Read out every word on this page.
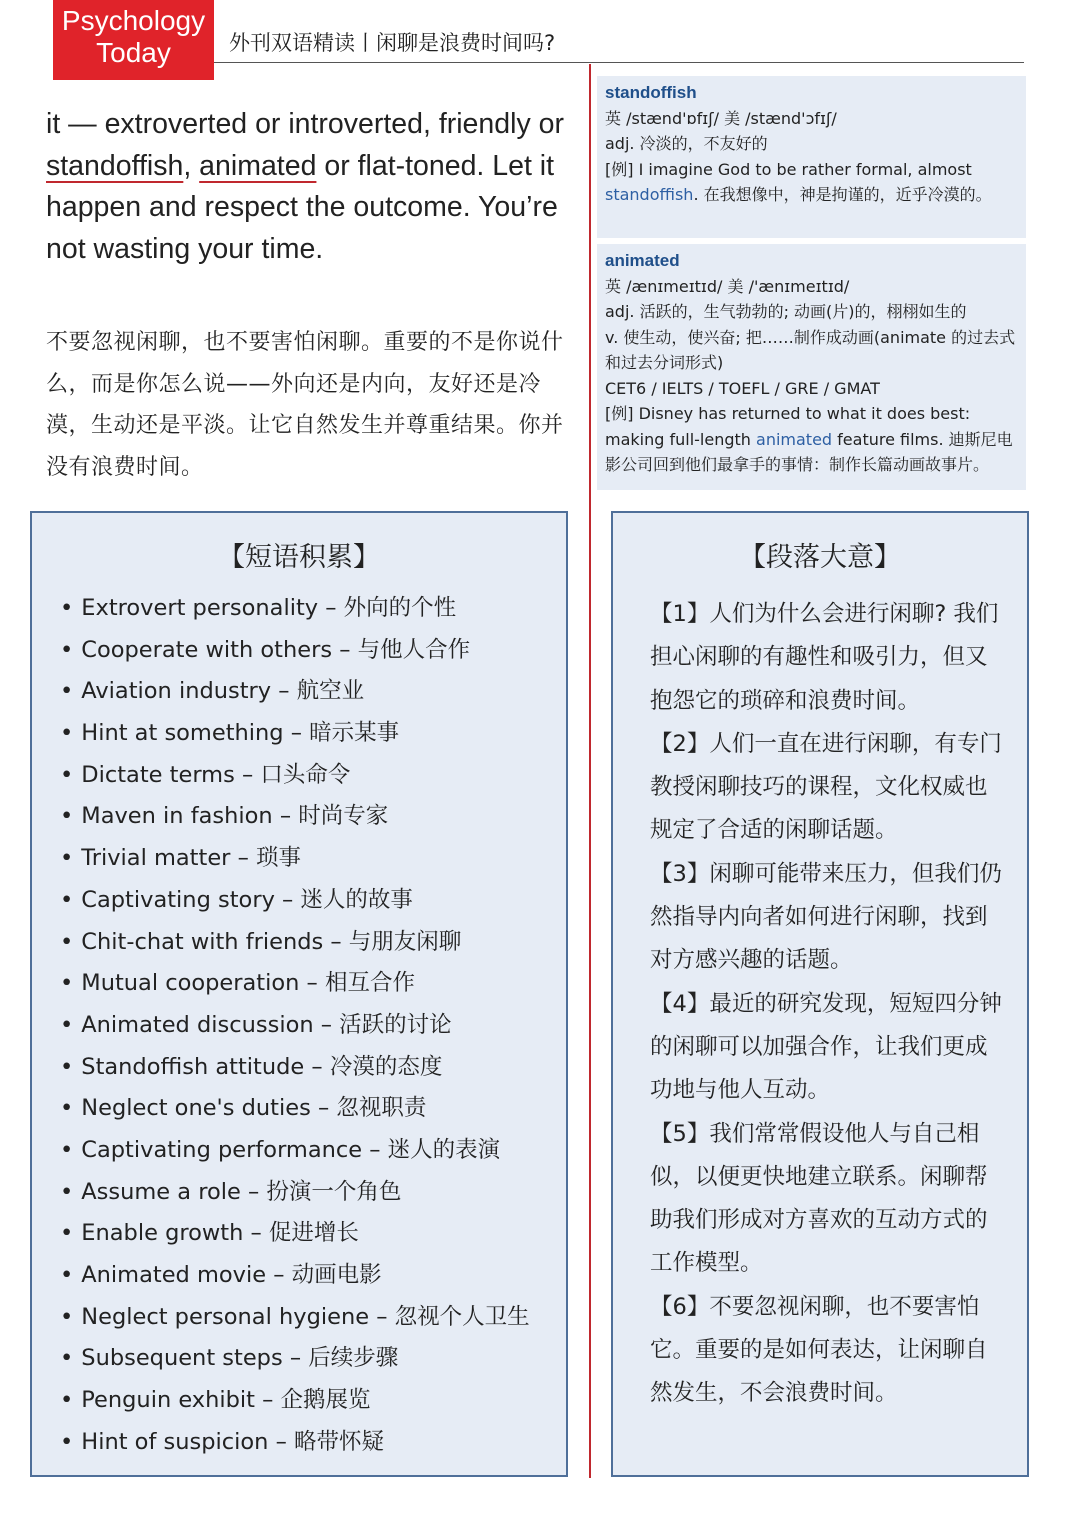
Psychology
Today	外刊双语精读丨闲聊是浪费时间吗?
it — extroverted or introverted, friendly or standoffish, animated or flat-toned. Let it happen and respect the outcome. You’re not wasting your time.
不要忽视闲聊，也不要害怕闲聊。重要的不是你说什么，而是你怎么说——外向还是内向，友好还是冷漠，生动还是平淡。让它自然发生并尊重结果。你并没有浪费时间。
standoffish
英 /stænd'ɒfɪʃ/ 美 /stænd'ɔfɪʃ/
adj. 冷淡的，不友好的
[例] I imagine God to be rather formal, almost standoffish. 在我想像中，神是拘谨的，近乎冷漠的。
animated
英 /ænɪmeɪtɪd/ 美 /'ænɪmeɪtɪd/
adj. 活跃的，生气勃勃的; 动画(片)的，栩栩如生的
v. 使生动，使兴奋; 把……制作成动画(animate 的过去式和过去分词形式)
CET6 / IELTS / TOEFL / GRE / GMAT
[例] Disney has returned to what it does best: making full-length animated feature films. 迪斯尼电影公司回到他们最拿手的事情：制作长篇动画故事片。
【短语积累】
• Extrovert personality – 外向的个性
• Cooperate with others – 与他人合作
• Aviation industry – 航空业
• Hint at something – 暗示某事
• Dictate terms – 口头命令
• Maven in fashion – 时尚专家
• Trivial matter – 琐事
• Captivating story – 迷人的故事
• Chit-chat with friends – 与朋友闲聊
• Mutual cooperation – 相互合作
• Animated discussion – 活跃的讨论
• Standoffish attitude – 冷漠的态度
• Neglect one's duties – 忽视职责
• Captivating performance – 迷人的表演
• Assume a role – 扮演一个角色
• Enable growth – 促进增长
• Animated movie – 动画电影
• Neglect personal hygiene – 忽视个人卫生
• Subsequent steps – 后续步骤
• Penguin exhibit – 企鹅展览
• Hint of suspicion – 略带怀疑
【段落大意】

【1】人们为什么会进行闲聊? 我们担心闲聊的有趣性和吸引力，但又抱怨它的琐碎和浪费时间。

【2】人们一直在进行闲聊，有专门教授闲聊技巧的课程，文化权威也规定了合适的闲聊话题。

【3】闲聊可能带来压力，但我们仍然指导内向者如何进行闲聊，找到对方感兴趣的话题。

【4】最近的研究发现，短短四分钟的闲聊可以加强合作，让我们更成功地与他人互动。

【5】我们常常假设他人与自己相似，以便更快地建立联系。闲聊帮助我们形成对方喜欢的互动方式的工作模型。

【6】不要忽视闲聊，也不要害怕它。重要的是如何表达，让闲聊自然发生，不会浪费时间。
